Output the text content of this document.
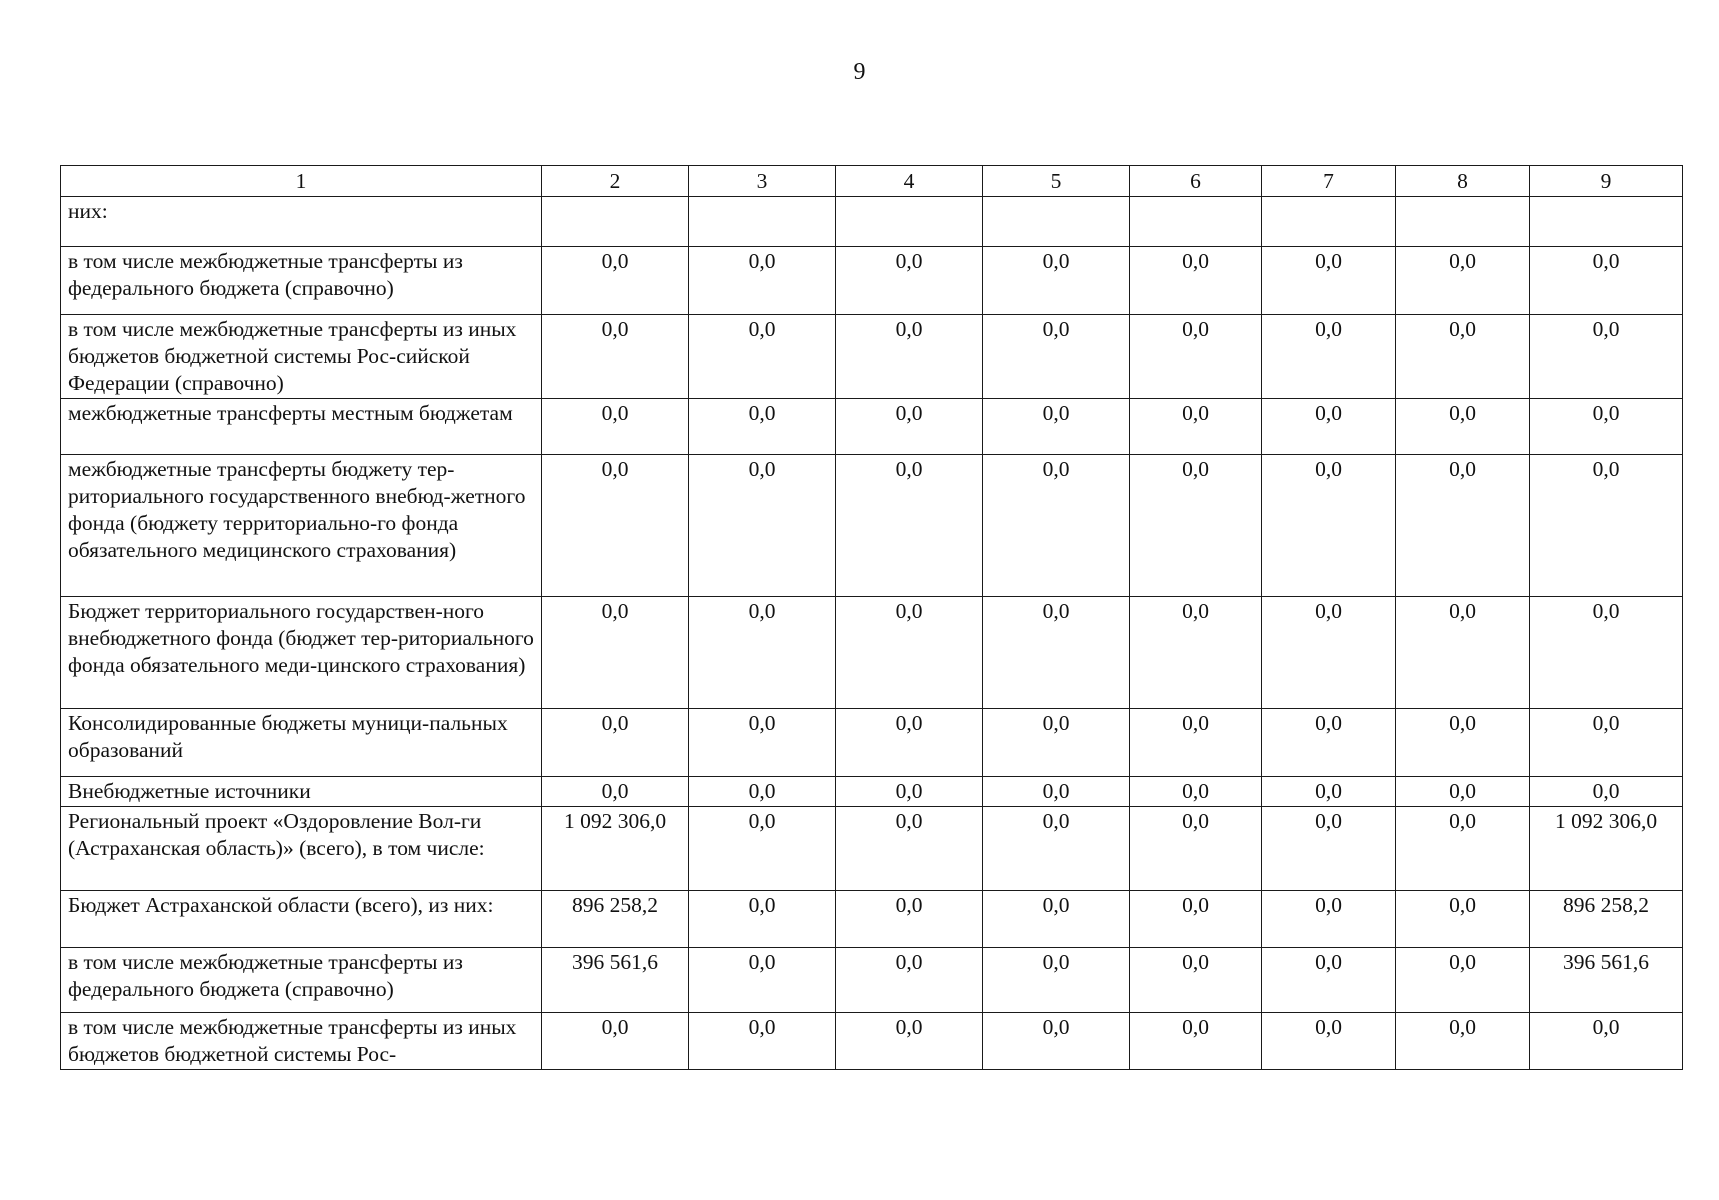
9
1	2	3	4	5	6	7	8	9
них:								
в том числе межбюджетные трансферты из федерального бюджета (справочно)	0,0	0,0	0,0	0,0	0,0	0,0	0,0	0,0
в том числе межбюджетные трансферты из иных бюджетов бюджетной системы Рос-сийской Федерации (справочно)	0,0	0,0	0,0	0,0	0,0	0,0	0,0	0,0
межбюджетные трансферты местным бюджетам	0,0	0,0	0,0	0,0	0,0	0,0	0,0	0,0
межбюджетные трансферты бюджету тер-риториального государственного внебюд-жетного фонда (бюджету территориально-го фонда обязательного медицинского страхования)	0,0	0,0	0,0	0,0	0,0	0,0	0,0	0,0
Бюджет территориального государствен-ного внебюджетного фонда (бюджет тер-риториального фонда обязательного меди-цинского страхования)	0,0	0,0	0,0	0,0	0,0	0,0	0,0	0,0
Консолидированные бюджеты муници-пальных образований	0,0	0,0	0,0	0,0	0,0	0,0	0,0	0,0
Внебюджетные источники	0,0	0,0	0,0	0,0	0,0	0,0	0,0	0,0
Региональный проект «Оздоровление Вол-ги (Астраханская область)» (всего), в том числе:	1 092 306,0	0,0	0,0	0,0	0,0	0,0	0,0	1 092 306,0
Бюджет Астраханской области (всего), из них:	896 258,2	0,0	0,0	0,0	0,0	0,0	0,0	896 258,2
в том числе межбюджетные трансферты из федерального бюджета (справочно)	396 561,6	0,0	0,0	0,0	0,0	0,0	0,0	396 561,6
в том числе межбюджетные трансферты из иных бюджетов бюджетной системы Рос-	0,0	0,0	0,0	0,0	0,0	0,0	0,0	0,0
